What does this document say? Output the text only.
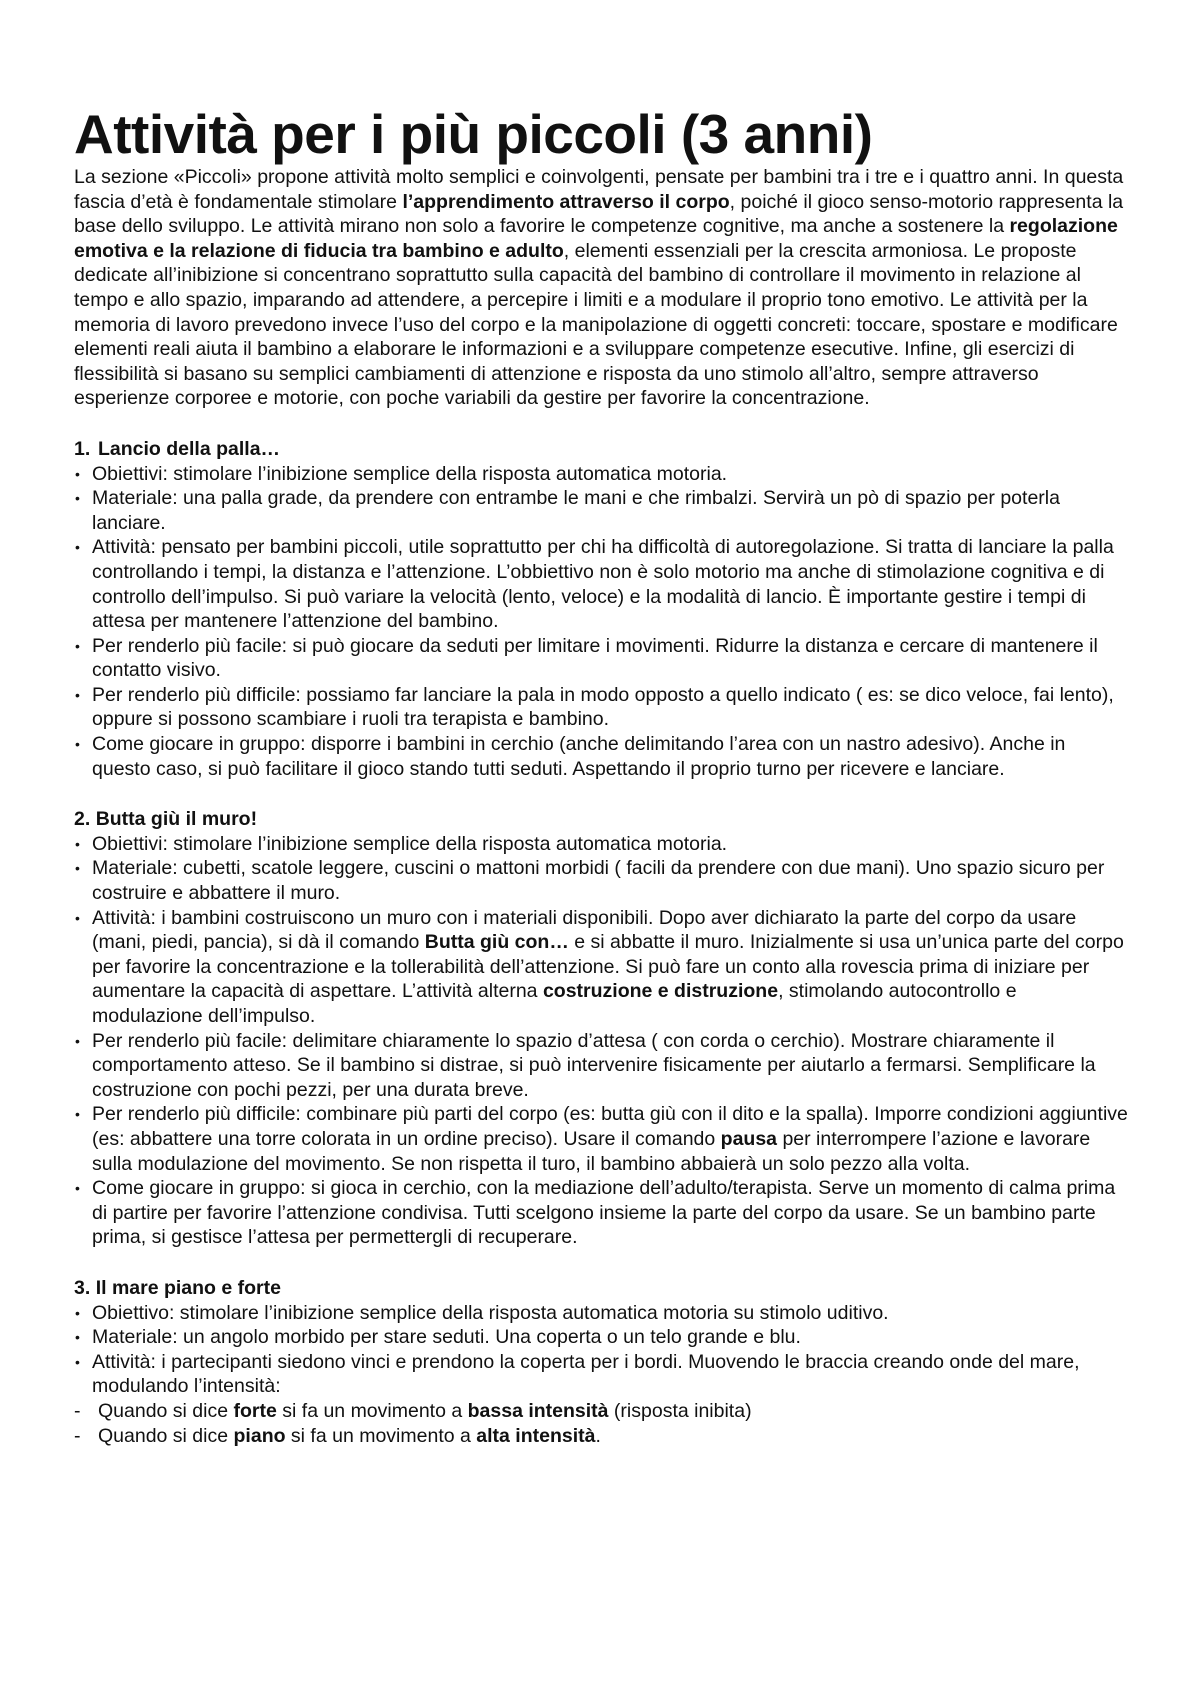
Attività per i più piccoli (3 anni)

La sezione «Piccoli» propone attività molto semplici e coinvolgenti, pensate per bambini tra i tre e i quattro anni. In questa fascia d’età è fondamentale stimolare l’apprendimento attraverso il corpo, poiché il gioco senso-motorio rappresenta la base dello sviluppo. Le attività mirano non solo a favorire le competenze cognitive, ma anche a sostenere la regolazione emotiva e la relazione di fiducia tra bambino e adulto, elementi essenziali per la crescita armoniosa. Le proposte dedicate all’inibizione si concentrano soprattutto sulla capacità del bambino di controllare il movimento in relazione al tempo e allo spazio, imparando ad attendere, a percepire i limiti e a modulare il proprio tono emotivo. Le attività per la memoria di lavoro prevedono invece l’uso del corpo e la manipolazione di oggetti concreti: toccare, spostare e modificare elementi reali aiuta il bambino a elaborare le informazioni e a sviluppare competenze esecutive. Infine, gli esercizi di flessibilità si basano su semplici cambiamenti di attenzione e risposta da uno stimolo all’altro, sempre attraverso esperienze corporee e motorie, con poche variabili da gestire per favorire la concentrazione.

1. Lancio della palla…

• Obiettivi: stimolare l’inibizione semplice della risposta automatica motoria.
• Materiale: una palla grade, da prendere con entrambe le mani e che rimbalzi. Servirà un pò di spazio per poterla lanciare.
• Attività: pensato per bambini piccoli, utile soprattutto per chi ha difficoltà di autoregolazione. Si tratta di lanciare la palla controllando i tempi, la distanza e l’attenzione. L’obbiettivo non è solo motorio ma anche di stimolazione cognitiva e di controllo dell’impulso. Si può variare la velocità (lento, veloce) e la modalità di lancio. È importante gestire i tempi di attesa per mantenere l’attenzione del bambino.
• Per renderlo più facile: si può giocare da seduti per limitare i movimenti. Ridurre la distanza e cercare di mantenere il contatto visivo.
• Per renderlo più difficile: possiamo far lanciare la pala in modo opposto a quello indicato ( es: se dico veloce, fai lento), oppure si possono scambiare i ruoli tra terapista e bambino.
• Come giocare in gruppo: disporre i bambini in cerchio (anche delimitando l’area con un nastro adesivo). Anche in questo caso, si può facilitare il gioco stando tutti seduti. Aspettando il proprio turno per ricevere e lanciare.

2. Butta giù il muro!

• Obiettivi: stimolare l’inibizione semplice della risposta automatica motoria.
• Materiale: cubetti, scatole leggere, cuscini o mattoni morbidi ( facili da prendere con due mani). Uno spazio sicuro per costruire e abbattere il muro.
• Attività: i bambini costruiscono un muro con i materiali disponibili. Dopo aver dichiarato la parte del corpo da usare (mani, piedi, pancia), si dà il comando Butta giù con… e si abbatte il muro. Inizialmente si usa un’unica parte del corpo per favorire la concentrazione e la tollerabilità dell’attenzione. Si può fare un conto alla rovescia prima di iniziare per aumentare la capacità di aspettare. L’attività alterna costruzione e distruzione, stimolando autocontrollo e modulazione dell’impulso.
• Per renderlo più facile: delimitare chiaramente lo spazio d’attesa ( con corda o cerchio). Mostrare chiaramente il comportamento atteso. Se il bambino si distrae, si può intervenire fisicamente per aiutarlo a fermarsi. Semplificare la costruzione con pochi pezzi, per una durata breve.
• Per renderlo più difficile: combinare più parti del corpo (es: butta giù con il dito e la spalla). Imporre condizioni aggiuntive (es: abbattere una torre colorata in un ordine preciso). Usare il comando pausa per interrompere l’azione e lavorare sulla modulazione del movimento. Se non rispetta il turo, il bambino abbaierà un solo pezzo alla volta.
• Come giocare in gruppo: si gioca in cerchio, con la mediazione dell’adulto/terapista. Serve un momento di calma prima di partire per favorire l’attenzione condivisa. Tutti scelgono insieme la parte del corpo da usare. Se un bambino parte prima, si gestisce l’attesa per permettergli di recuperare.

3. Il mare piano e forte

• Obiettivo: stimolare l’inibizione semplice della risposta automatica motoria su stimolo uditivo.
• Materiale: un angolo morbido per stare seduti. Una coperta o un telo grande e blu.
• Attività: i partecipanti siedono vinci e prendono la coperta per i bordi. Muovendo le braccia creando onde del mare, modulando l’intensità:
- Quando si dice forte si fa un movimento a bassa intensità (risposta inibita)
- Quando si dice piano si fa un movimento a alta intensità.
